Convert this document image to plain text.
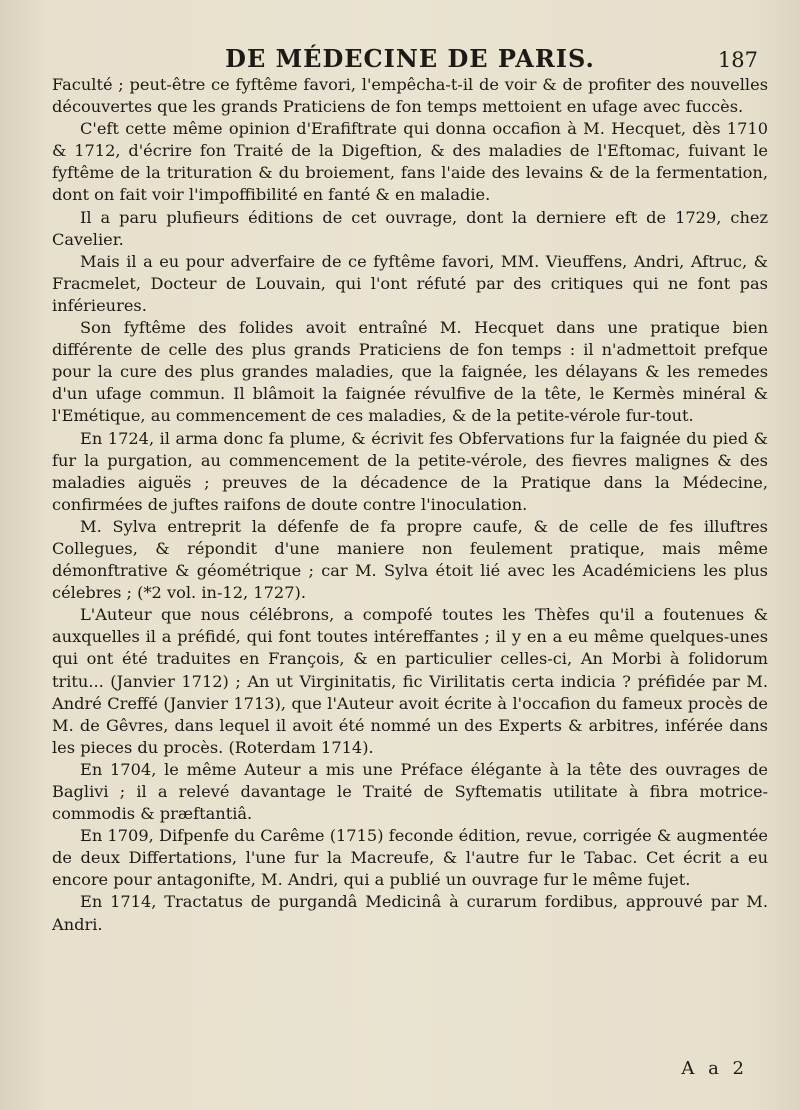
DE MÉDECINE DE PARIS.	187

Faculté ; peut-être ce fyftême favori, l'empêcha-t-il de voir & de profiter des nouvelles découvertes que les grands Praticiens de fon temps mettoient en ufage avec fuccès.

C'eft cette même opinion d'Erafiftrate qui donna occafion à M. Hecquet, dès 1710 & 1712, d'écrire fon Traité de la Digeftion, & des maladies de l'Eftomac, fuivant le fyftême de la trituration & du broiement, fans l'aide des levains & de la fermentation, dont on fait voir l'impoffibilité en fanté & en maladie.

Il a paru plufieurs éditions de cet ouvrage, dont la derniere eft de 1729, chez Cavelier.

Mais il a eu pour adverfaire de ce fyftême favori, MM. Vieuffens, Andri, Aftruc, & Fracmelet, Docteur de Louvain, qui l'ont réfuté par des critiques qui ne font pas inférieures.

Son fyftême des folides avoit entraîné M. Hecquet dans une pratique bien différente de celle des plus grands Praticiens de fon temps : il n'admettoit prefque pour la cure des plus grandes maladies, que la faignée, les délayans & les remedes d'un ufage commun. Il blâmoit la faignée révulfive de la tête, le Kermès minéral & l'Emétique, au commencement de ces maladies, & de la petite-vérole fur-tout.

En 1724, il arma donc fa plume, & écrivit fes Obfervations fur la faignée du pied & fur la purgation, au commencement de la petite-vérole, des fievres malignes & des maladies aiguës ; preuves de la décadence de la Pratique dans la Médecine, confirmées de juftes raifons de doute contre l'inoculation.

M. Sylva entreprit la défenfe de fa propre caufe, & de celle de fes illuftres Collegues, & répondit d'une maniere non feulement pratique, mais même démonftrative & géométrique ; car M. Sylva étoit lié avec les Académiciens les plus célebres ; (*2 vol. in-12, 1727).

L'Auteur que nous célébrons, a compofé toutes les Thèfes qu'il a foutenues & auxquelles il a préfidé, qui font toutes intéreffantes ; il y en a eu même quelques-unes qui ont été traduites en François, & en particulier celles-ci, An Morbi à folidorum tritu... (Janvier 1712) ; An ut Virginitatis, fic Virilitatis certa indicia ? préfidée par M. André Creffé (Janvier 1713), que l'Auteur avoit écrite à l'occafion du fameux procès de M. de Gêvres, dans lequel il avoit été nommé un des Experts & arbitres, inférée dans les pieces du procès. (Roterdam 1714).

En 1704, le même Auteur a mis une Préface élégante à la tête des ouvrages de Baglivi ; il a relevé davantage le Traité de Syftematis utilitate à fibra motrice-commodis & præftantiâ.

En 1709, Difpenfe du Carême (1715) feconde édition, revue, corrigée & augmentée de deux Differtations, l'une fur la Macreufe, & l'autre fur le Tabac. Cet écrit a eu encore pour antagonifte, M. Andri, qui a publié un ouvrage fur le même fujet.

En 1714, Tractatus de purgandâ Medicinâ à curarum fordibus, approuvé par M. Andri.

A a 2
